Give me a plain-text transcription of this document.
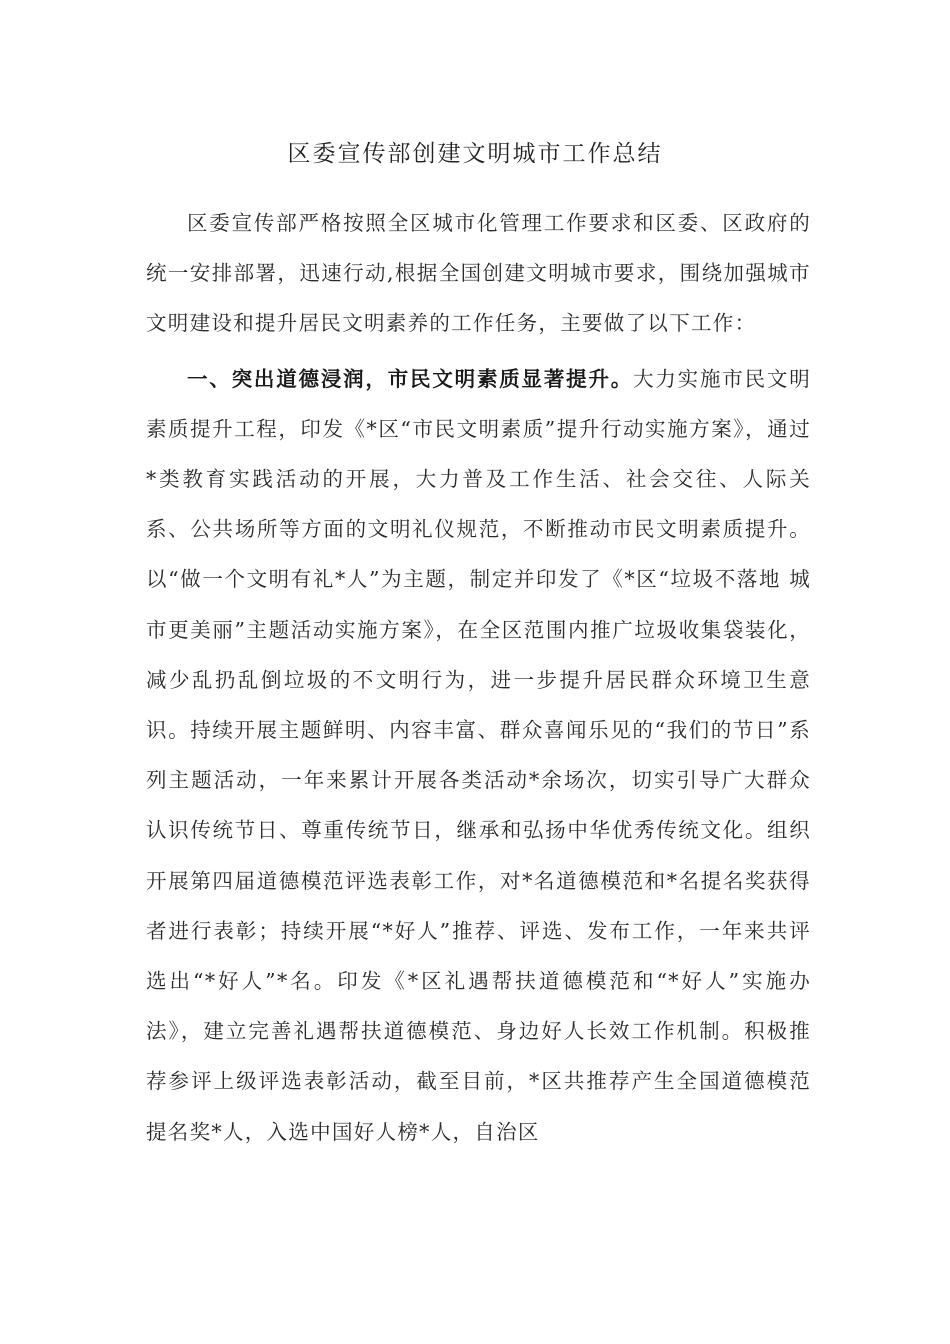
区委宣传部创建文明城市工作总结

区委宣传部严格按照全区城市化管理工作要求和区委、区政府的统一安排部署，迅速行动,根据全国创建文明城市要求，围绕加强城市文明建设和提升居民文明素养的工作任务，主要做了以下工作：

一、突出道德浸润，市民文明素质显著提升。大力实施市民文明素质提升工程，印发《*区“市民文明素质”提升行动实施方案》，通过*类教育实践活动的开展，大力普及工作生活、社会交往、人际关系、公共场所等方面的文明礼仪规范，不断推动市民文明素质提升。以“做一个文明有礼*人”为主题，制定并印发了《*区“垃圾不落地 城市更美丽”主题活动实施方案》，在全区范围内推广垃圾收集袋装化，减少乱扔乱倒垃圾的不文明行为，进一步提升居民群众环境卫生意识。持续开展主题鲜明、内容丰富、群众喜闻乐见的“我们的节日”系列主题活动，一年来累计开展各类活动*余场次，切实引导广大群众认识传统节日、尊重传统节日，继承和弘扬中华优秀传统文化。组织开展第四届道德模范评选表彰工作，对*名道德模范和*名提名奖获得者进行表彰；持续开展“*好人”推荐、评选、发布工作，一年来共评选出“*好人”*名。印发《*区礼遇帮扶道德模范和“*好人”实施办法》，建立完善礼遇帮扶道德模范、身边好人长效工作机制。积极推荐参评上级评选表彰活动，截至目前，*区共推荐产生全国道德模范提名奖*人，入选中国好人榜*人，自治区
